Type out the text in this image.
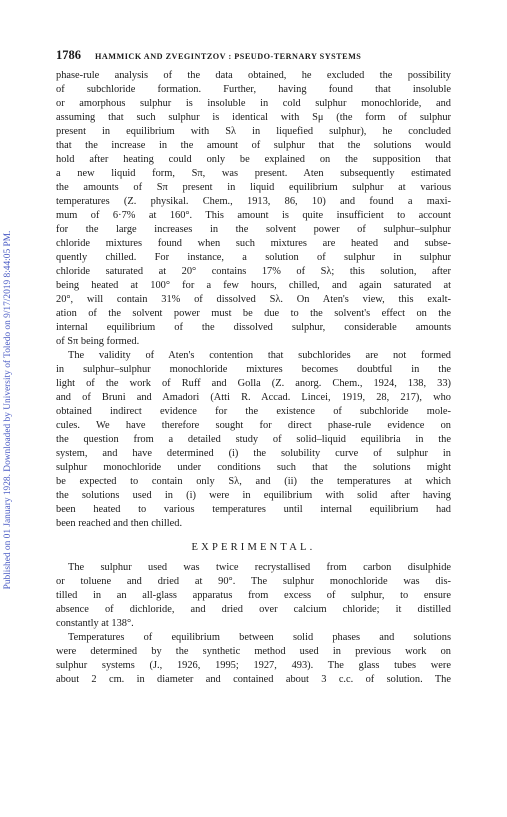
Published on 01 January 1928. Downloaded by University of Toledo on 9/17/2019 8:44:05 PM.
1786 HAMMICK AND ZVEGINTZOV : PSEUDO-TERNARY SYSTEMS

phase-rule analysis of the data obtained, he excluded the possibility

of subchloride formation. Further, having found that insoluble

or amorphous sulphur is insoluble in cold sulphur monochloride, and

assuming that such sulphur is identical with Sμ (the form of sulphur

present in equilibrium with Sλ in liquefied sulphur), he concluded

that the increase in the amount of sulphur that the solutions would

hold after heating could only be explained on the supposition that

a new liquid form, Sπ, was present. Aten subsequently estimated

the amounts of Sπ present in liquid equilibrium sulphur at various

temperatures (Z. physikal. Chem., 1913, 86, 10) and found a maxi-

mum of 6·7% at 160°. This amount is quite insufficient to account

for the large increases in the solvent power of sulphur–sulphur

chloride mixtures found when such mixtures are heated and subse-

quently chilled. For instance, a solution of sulphur in sulphur

chloride saturated at 20° contains 17% of Sλ; this solution, after

being heated at 100° for a few hours, chilled, and again saturated at

20°, will contain 31% of dissolved Sλ. On Aten's view, this exalt-

ation of the solvent power must be due to the solvent's effect on the

internal equilibrium of the dissolved sulphur, considerable amounts

of Sπ being formed.

The validity of Aten's contention that subchlorides are not formed

in sulphur–sulphur monochloride mixtures becomes doubtful in the

light of the work of Ruff and Golla (Z. anorg. Chem., 1924, 138, 33)

and of Bruni and Amadori (Atti R. Accad. Lincei, 1919, 28, 217), who

obtained indirect evidence for the existence of subchloride mole-

cules. We have therefore sought for direct phase-rule evidence on

the question from a detailed study of solid–liquid equilibria in the

system, and have determined (i) the solubility curve of sulphur in

sulphur monochloride under conditions such that the solutions might

be expected to contain only Sλ, and (ii) the temperatures at which

the solutions used in (i) were in equilibrium with solid after having

been heated to various temperatures until internal equilibrium had

been reached and then chilled.

EXPERIMENTAL.

The sulphur used was twice recrystallised from carbon disulphide

or toluene and dried at 90°. The sulphur monochloride was dis-

tilled in an all-glass apparatus from excess of sulphur, to ensure

absence of dichloride, and dried over calcium chloride; it distilled

constantly at 138°.

Temperatures of equilibrium between solid phases and solutions

were determined by the synthetic method used in previous work on

sulphur systems (J., 1926, 1995; 1927, 493). The glass tubes were

about 2 cm. in diameter and contained about 3 c.c. of solution. The
